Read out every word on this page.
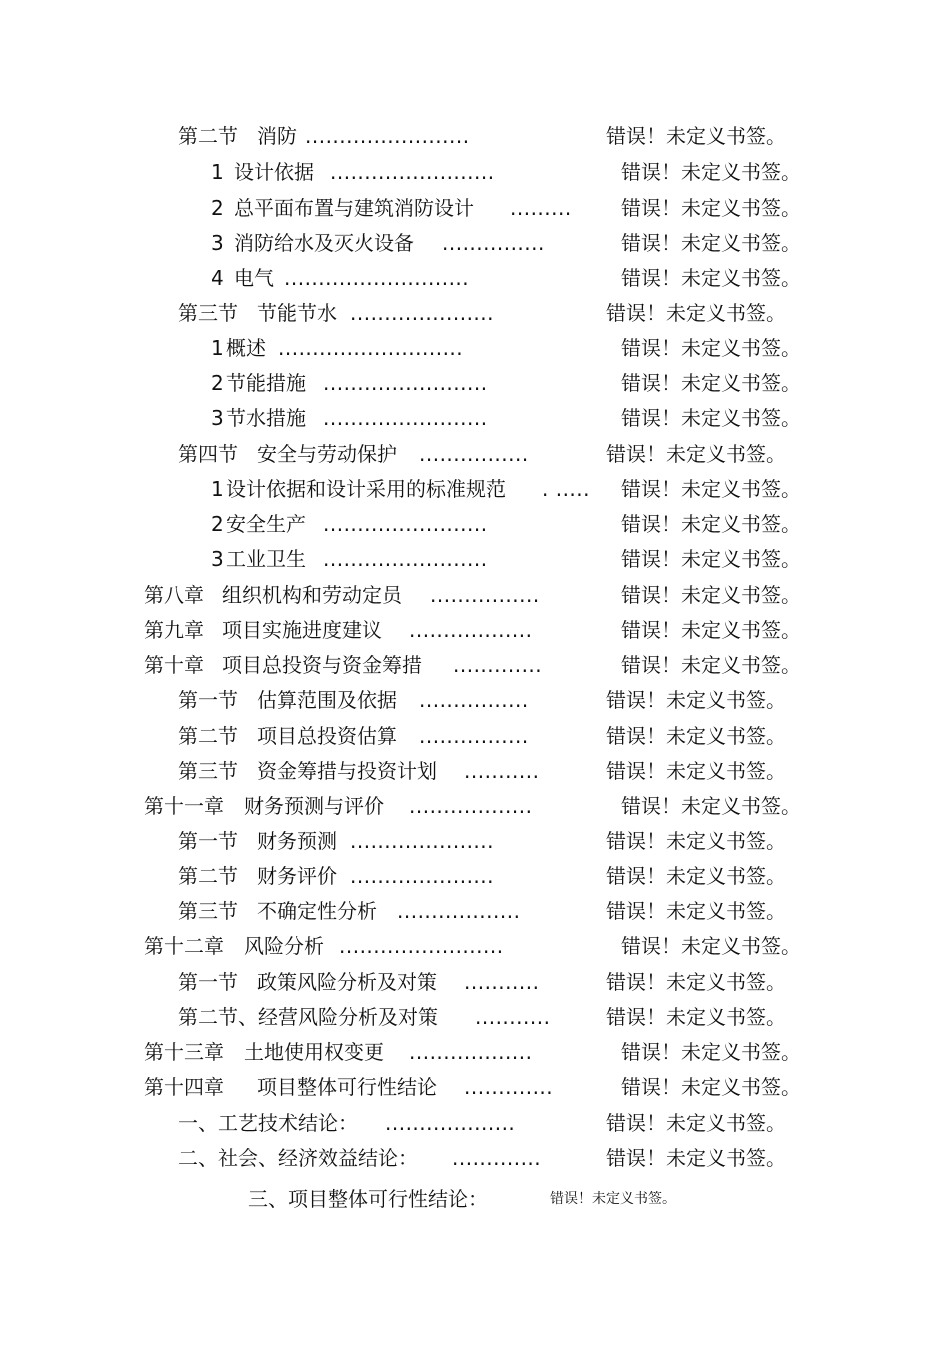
第二节 消防 ........................	错误！未定义书签。
1 设计依据 ........................	错误！未定义书签。
2 总平面布置与建筑消防设计 ......... 错误！未定义书签。
3 消防给水及灭火设备 ...............	错误！未定义书签。
4 电气 ...........................	错误！未定义书签。
第三节 节能节水 .....................	错误！未定义书签。
1 概述 ...........................	错误！未定义书签。
2 节能措施 ........................	错误！未定义书签。
3 节水措施 ........................	错误！未定义书签。
第四节 安全与劳动保护 ................	错误！未定义书签。
1 设计依据和设计采用的标准规范 . ..... 错误！未定义书签。
2 安全生产 ........................	错误！未定义书签。
3 工业卫生 ........................	错误！未定义书签。
第八章 组织机构和劳动定员 ................	错误！未定义书签。
第九章 项目实施进度建议 ..................	错误！未定义书签。
第十章 项目总投资与资金筹措 .............	错误！未定义书签。
第一节 估算范围及依据 ................	错误！未定义书签。
第二节 项目总投资估算 ................	错误！未定义书签。
第三节 资金筹措与投资计划 ...........	错误！未定义书签。
第十一章 财务预测与评价 ..................	错误！未定义书签。
第一节 财务预测 .....................	错误！未定义书签。
第二节 财务评价 .....................	错误！未定义书签。
第三节 不确定性分析 ..................	错误！未定义书签。
第十二章 风险分析 ........................	错误！未定义书签。
第一节 政策风险分析及对策 ...........	错误！未定义书签。
第二节、经营风险分析及对策 ...........	错误！未定义书签。
第十三章 土地使用权变更 ..................	错误！未定义书签。
第十四章 项目整体可行性结论 .............	错误！未定义书签。
一、工艺技术结论： ...................	错误！未定义书签。
二、社会、经济效益结论： .............	错误！未定义书签。
三、项目整体可行性结论：	错误！未定义书签。
